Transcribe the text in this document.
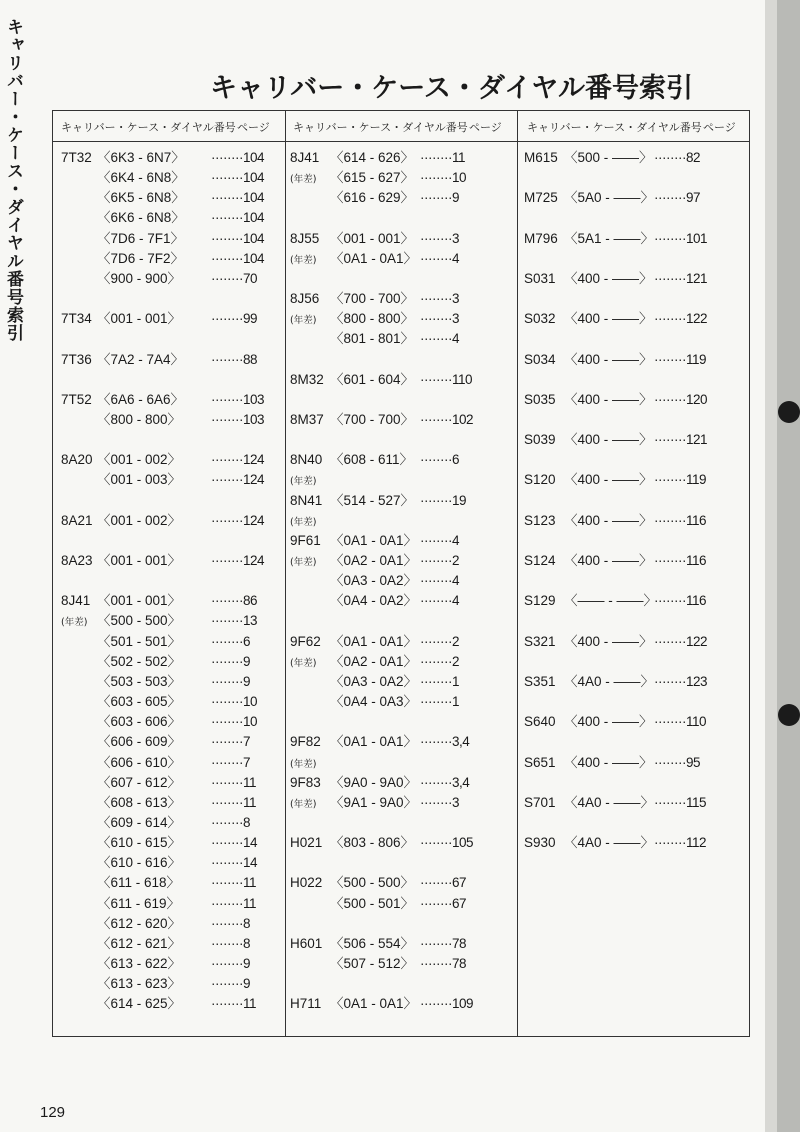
キャリバー・ケース・ダイヤル番号索引	キャリバー・ケース・ダイヤル番号索引
キャリバー・ケース・ダイヤル番号 ページ キャリバー・ケース・ダイヤル番号 ページ キャリバー・ケース・ダイヤル番号 ページ
7T32 〈6K3 - 6N7〉 ········104
〈6K4 - 6N8〉 ········104
〈6K5 - 6N8〉 ········104
〈6K6 - 6N8〉 ········104
〈7D6 - 7F1〉 ········104
〈7D6 - 7F2〉 ········104
〈900 - 900〉 ········70
7T34 〈001 - 001〉 ········99
7T36 〈7A2 - 7A4〉 ········88
7T52 〈6A6 - 6A6〉 ········103
〈800 - 800〉 ········103
8A20 〈001 - 002〉 ········124
〈001 - 003〉 ········124
8A21 〈001 - 002〉 ········124
8A23 〈001 - 001〉 ········124
8J41 〈001 - 001〉 ········86
(年差) 〈500 - 500〉 ········13
〈501 - 501〉 ········6
〈502 - 502〉 ········9
〈503 - 503〉 ········9
〈603 - 605〉 ········10
〈603 - 606〉 ········10
〈606 - 609〉 ········7
〈606 - 610〉 ········7
〈607 - 612〉 ········11
〈608 - 613〉 ········11
〈609 - 614〉 ········8
〈610 - 615〉 ········14
〈610 - 616〉 ········14
〈611 - 618〉 ········11
〈611 - 619〉 ········11
〈612 - 620〉 ········8
〈612 - 621〉 ········8
〈613 - 622〉 ········9
〈613 - 623〉 ········9
〈614 - 625〉 ········11
8J41 〈614 - 626〉 ········11
(年差) 〈615 - 627〉 ········10
〈616 - 629〉 ········9
8J55 〈001 - 001〉 ········3
(年差) 〈0A1 - 0A1〉 ········4
8J56 〈700 - 700〉 ········3
(年差) 〈800 - 800〉 ········3
〈801 - 801〉 ········4
8M32 〈601 - 604〉 ········110
8M37 〈700 - 700〉 ········102
8N40 〈608 - 611〉 ········6
(年差)
8N41 〈514 - 527〉 ········19
(年差)
9F61 〈0A1 - 0A1〉 ········4
(年差) 〈0A2 - 0A1〉 ········2
〈0A3 - 0A2〉 ········4
〈0A4 - 0A2〉 ········4
9F62 〈0A1 - 0A1〉 ········2
(年差) 〈0A2 - 0A1〉 ········2
〈0A3 - 0A2〉 ········1
〈0A4 - 0A3〉 ········1
9F82 〈0A1 - 0A1〉 ········3,4
(年差)
9F83 〈9A0 - 9A0〉 ········3,4
(年差) 〈9A1 - 9A0〉 ········3
H021 〈803 - 806〉 ········105
H022 〈500 - 500〉 ········67
〈500 - 501〉 ········67
H601 〈506 - 554〉 ········78
〈507 - 512〉 ········78
H711 〈0A1 - 0A1〉 ········109
M615 〈500 - ――〉 ········82
M725 〈5A0 - ――〉 ········97
M796 〈5A1 - ――〉 ········101
S031 〈400 - ――〉 ········121
S032 〈400 - ――〉 ········122
S034 〈400 - ――〉 ········119
S035 〈400 - ――〉 ········120
S039 〈400 - ――〉 ········121
S120 〈400 - ――〉 ········119
S123 〈400 - ――〉 ········116
S124 〈400 - ――〉 ········116
S129 〈―― - ――〉
········116
S321 〈400 - ――〉 ········122
S351 〈4A0 - ――〉 ········123
S640 〈400 - ――〉 ········110
S651 〈400 - ――〉 ········95
S701 〈4A0 - ――〉 ········115
S930 〈4A0 - ――〉 ········112
129
